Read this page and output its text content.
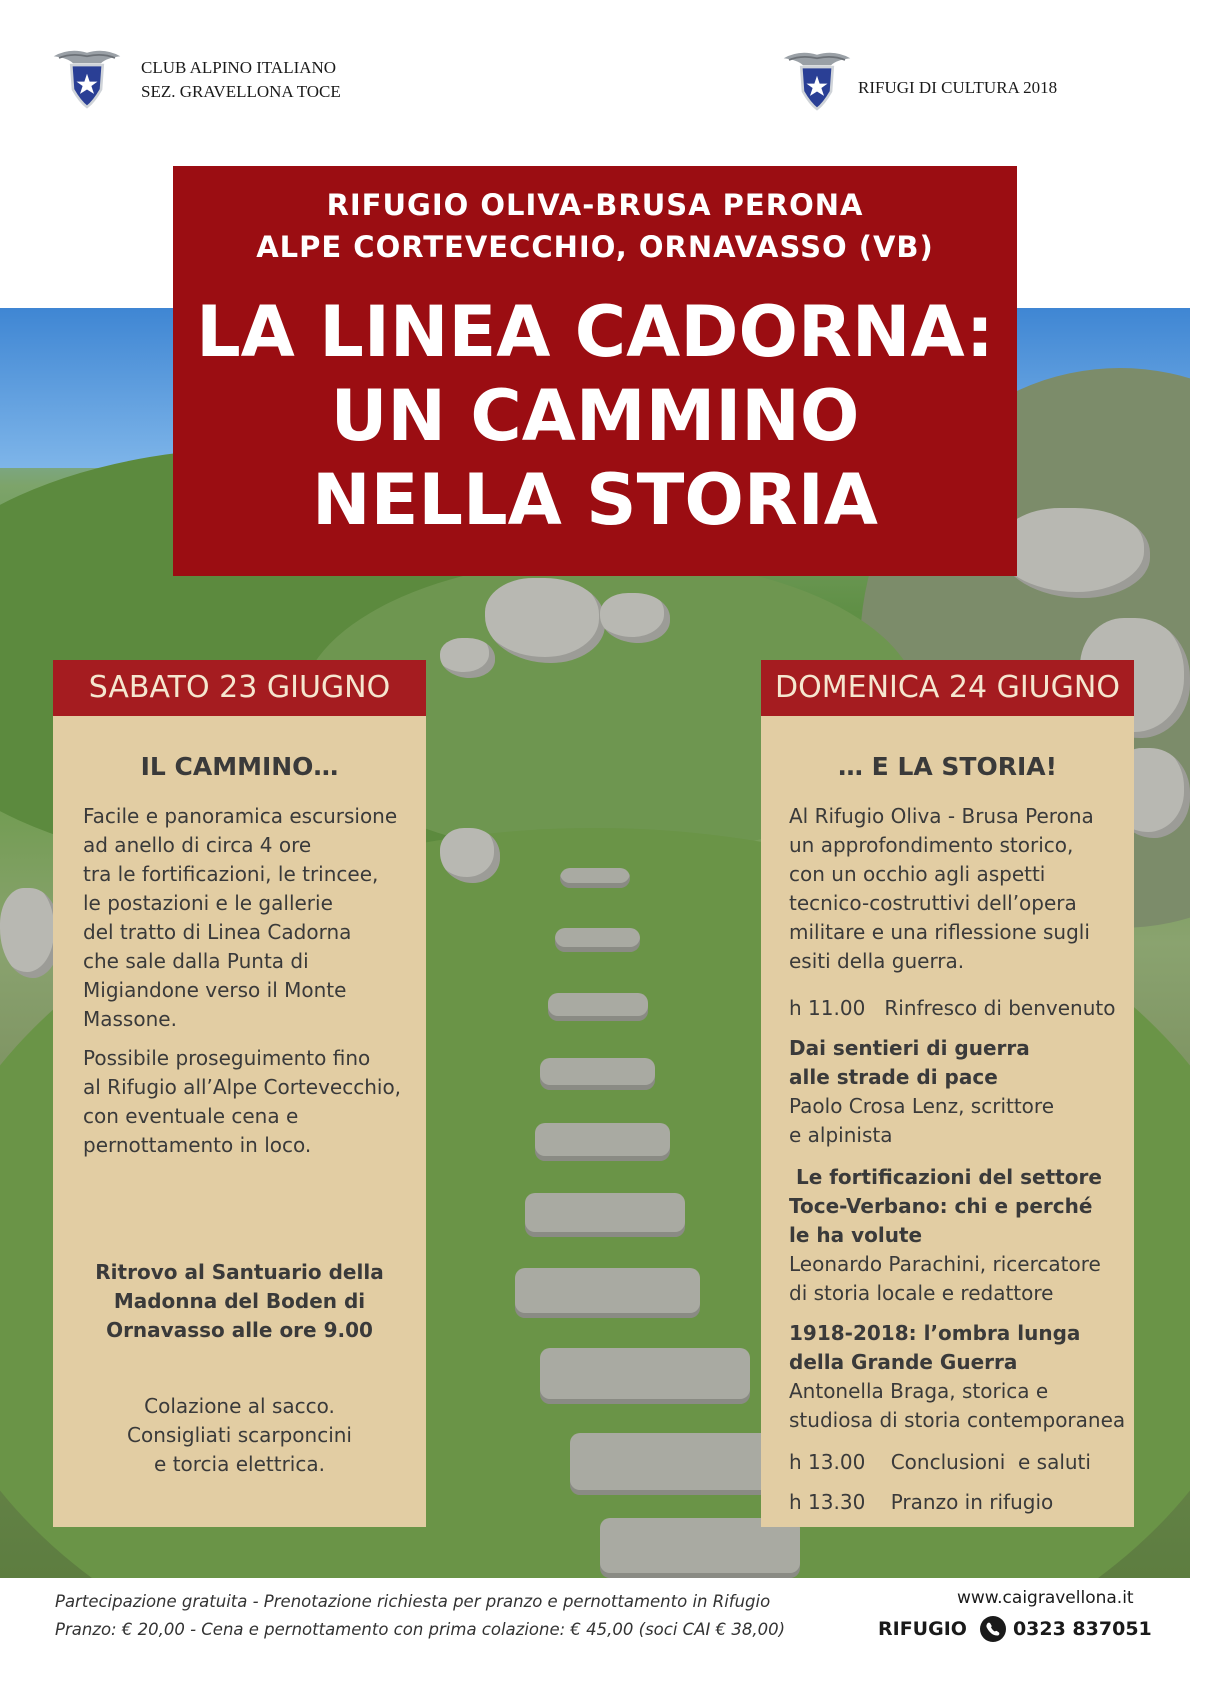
CLUB ALPINO ITALIANO
SEZ. GRAVELLONA TOCE	RIFUGI DI CULTURA 2018
RIFUGIO OLIVA-BRUSA PERONA
ALPE CORTEVECCHIO, ORNAVASSO (VB)
LA LINEA CADORNA:
UN CAMMINO
NELLA STORIA
SABATO 23 GIUGNO
IL CAMMINO…
Facile e panoramica escursione
ad anello di circa 4 ore
tra le fortificazioni, le trincee,
le postazioni e le gallerie
del tratto di Linea Cadorna
che sale dalla Punta di
Migiandone verso il Monte
Massone.
Possibile proseguimento fino
al Rifugio all’Alpe Cortevecchio,
con eventuale cena e
pernottamento in loco.
Ritrovo al Santuario della
Madonna del Boden di
Ornavasso alle ore 9.00
Colazione al sacco.
Consigliati scarponcini
e torcia elettrica.
DOMENICA 24 GIUGNO
… E LA STORIA!
Al Rifugio Oliva - Brusa Perona
un approfondimento storico,
con un occhio agli aspetti
tecnico-costruttivi dell’opera
militare e una riflessione sugli
esiti della guerra.
h 11.00   Rinfresco di benvenuto
Dai sentieri di guerra
alle strade di pace
Paolo Crosa Lenz, scrittore
e alpinista
Le fortificazioni del settore
Toce-Verbano: chi e perché
le ha volute
Leonardo Parachini, ricercatore
di storia locale e redattore
1918-2018: l’ombra lunga
della Grande Guerra
Antonella Braga, storica e
studiosa di storia contemporanea
h 13.00    Conclusioni  e saluti
h 13.30    Pranzo in rifugio
Partecipazione gratuita - Prenotazione richiesta per pranzo e pernottamento in Rifugio
Pranzo: € 20,00 - Cena e pernottamento con prima colazione: € 45,00 (soci CAI € 38,00)
www.caigravellona.it
RIFUGIO 0323 837051
